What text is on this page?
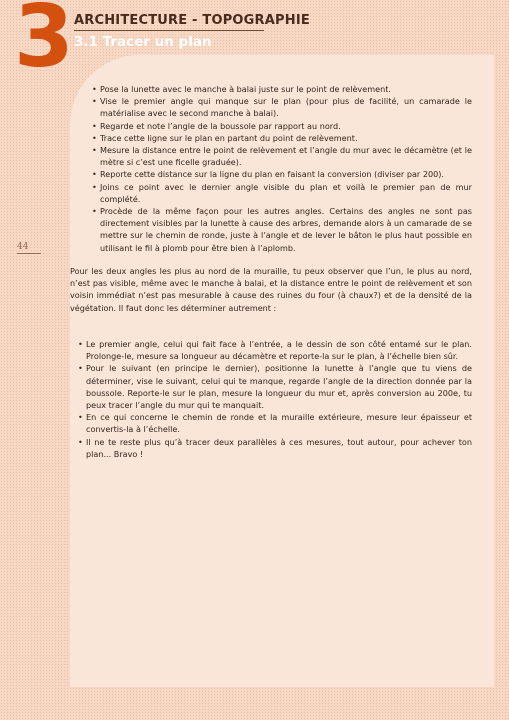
3 ARCHITECTURE - TOPOGRAPHIE
3.1 Tracer un plan
44
• Pose la lunette avec le manche à balai juste sur le point de relèvement.
• Vise le premier angle qui manque sur le plan (pour plus de facilité, un camarade le matérialise avec le second manche à balai).
• Regarde et note l’angle de la boussole par rapport au nord.
• Trace cette ligne sur le plan en partant du point de relèvement.
• Mesure la distance entre le point de relèvement et l’angle du mur avec le décamètre (et le mètre si c’est une ficelle graduée).
• Reporte cette distance sur la ligne du plan en faisant la conversion (diviser par 200).
• Joins ce point avec le dernier angle visible du plan et voilà le premier pan de mur complété.
• Procède de la même façon pour les autres angles. Certains des angles ne sont pas directement visibles par la lunette à cause des arbres, demande alors à un camarade de se mettre sur le chemin de ronde, juste à l’angle et de lever le bâton le plus haut possible en utilisant le fil à plomb pour être bien à l’aplomb.

Pour les deux angles les plus au nord de la muraille, tu peux observer que l’un, le plus au nord, n’est pas visible, même avec le manche à balai, et la distance entre le point de relèvement et son voisin immédiat n’est pas mesurable à cause des ruines du four (à chaux?) et de la densité de la végétation. Il faut donc les déterminer autrement :

• Le premier angle, celui qui fait face à l’entrée, a le dessin de son côté entamé sur le plan. Prolonge-le, mesure sa longueur au décamètre et reporte-la sur le plan, à l’échelle bien sûr.
• Pour le suivant (en principe le dernier), positionne la lunette à l’angle que tu viens de déterminer, vise le suivant, celui qui te manque, regarde l’angle de la direction donnée par la boussole. Reporte-le sur le plan, mesure la longueur du mur et, après conversion au 200e, tu peux tracer l’angle du mur qui te manquait.
• En ce qui concerne le chemin de ronde et la muraille extérieure, mesure leur épaisseur et convertis-la à l’échelle.
• Il ne te reste plus qu’à tracer deux parallèles à ces mesures, tout autour, pour achever ton plan... Bravo !
